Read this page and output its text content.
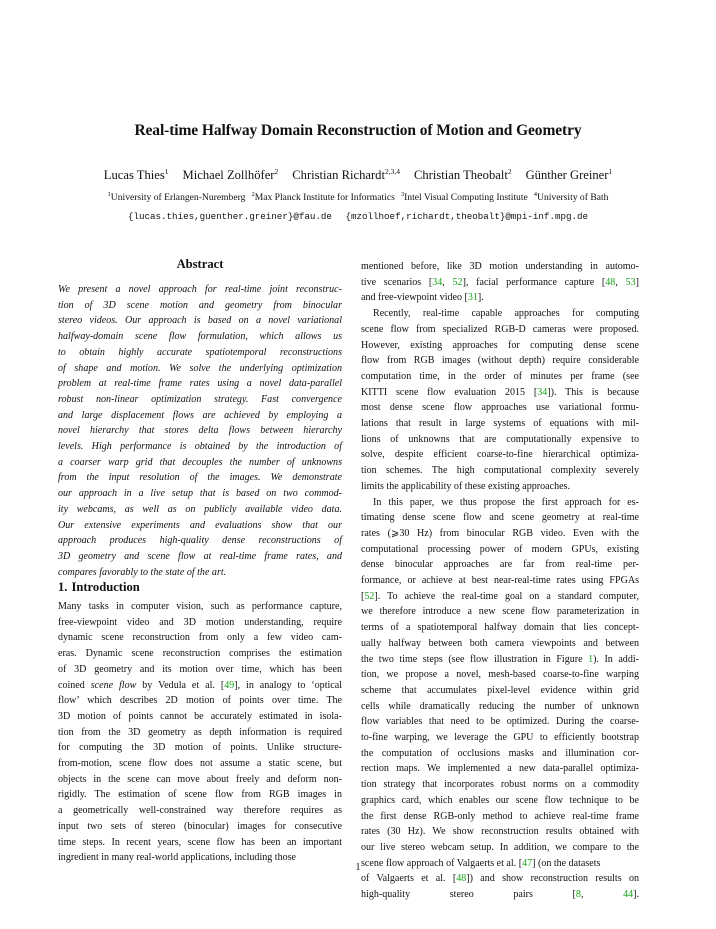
Real-time Halfway Domain Reconstruction of Motion and Geometry
Lucas Thies$^1$ Michael Zollhöfer$^2$ Christian Richardt$^{2,3,4}$ Christian Theobalt$^2$ Günther Greiner$^1$
$^1$University of Erlangen-Nuremberg $^2$Max Planck Institute for Informatics $^3$Intel Visual Computing Institute $^4$University of Bath
{lucas.thies,guenther.greiner}@fau.de {mzollhoef,richardt,theobalt}@mpi-inf.mpg.de
Abstract
We present a novel approach for real-time joint reconstruc-
tion of 3D scene motion and geometry from binocular
stereo videos. Our approach is based on a novel variational
halfway-domain scene flow formulation, which allows us
to obtain highly accurate spatiotemporal reconstructions
of shape and motion. We solve the underlying optimization
problem at real-time frame rates using a novel data-parallel
robust non-linear optimization strategy. Fast convergence
and large displacement flows are achieved by employing a
novel hierarchy that stores delta flows between hierarchy
levels. High performance is obtained by the introduction of
a coarser warp grid that decouples the number of unknowns
from the input resolution of the images. We demonstrate
our approach in a live setup that is based on two commod-
ity webcams, as well as on publicly available video data.
Our extensive experiments and evaluations show that our
approach produces high-quality dense reconstructions of
3D geometry and scene flow at real-time frame rates, and
compares favorably to the state of the art.
1. Introduction
Many tasks in computer vision, such as performance capture,
free-viewpoint video and 3D motion understanding, require
dynamic scene reconstruction from only a few video cam-
eras. Dynamic scene reconstruction comprises the estimation
of 3D geometry and its motion over time, which has been
coined scene flow by Vedula et al. [49], in analogy to ‘optical
flow’ which describes 2D motion of points over time. The
3D motion of points cannot be accurately estimated in isola-
tion from the 3D geometry as depth information is required
for computing the 3D motion of points. Unlike structure-
from-motion, scene flow does not assume a static scene, but
objects in the scene can move about freely and deform non-
rigidly. The estimation of scene flow from RGB images in
a geometrically well-constrained way therefore requires as
input two sets of stereo (binocular) images for consecutive
time steps. In recent years, scene flow has been an important
ingredient in many real-world applications, including those
mentioned before, like 3D motion understanding in automo-
tive scenarios [34, 52], facial performance capture [48, 53]
and free-viewpoint video [31].
Recently, real-time capable approaches for computing
scene flow from specialized RGB-D cameras were proposed.
However, existing approaches for computing dense scene
flow from RGB images (without depth) require considerable
computation time, in the order of minutes per frame (see
KITTI scene flow evaluation 2015 [34]). This is because
most dense scene flow approaches use variational formu-
lations that result in large systems of equations with mil-
lions of unknowns that are computationally expensive to
solve, despite efficient coarse-to-fine hierarchical optimiza-
tion schemes. The high computational complexity severely
limits the applicability of these existing approaches.
In this paper, we thus propose the first approach for es-
timating dense scene flow and scene geometry at real-time
rates (⩾30 Hz) from binocular RGB video. Even with the
computational processing power of modern GPUs, existing
dense binocular approaches are far from real-time per-
formance, or achieve at best near-real-time rates using FPGAs
[52]. To achieve the real-time goal on a standard computer,
we therefore introduce a new scene flow parameterization in
terms of a spatiotemporal halfway domain that lies concept-
ually halfway between both camera viewpoints and between
the two time steps (see flow illustration in Figure 1). In addi-
tion, we propose a novel, mesh-based coarse-to-fine warping
scheme that accumulates pixel-level evidence within grid
cells while dramatically reducing the number of unknown
flow variables that need to be optimized. During the coarse-
to-fine warping, we leverage the GPU to efficiently bootstrap
the computation of occlusions masks and illumination cor-
rection maps. We implemented a new data-parallel optimiza-
tion strategy that incorporates robust norms on a commodity
graphics card, which enables our scene flow technique to be
the first dense RGB-only method to achieve real-time frame
rates (30 Hz). We show reconstruction results obtained with
our live stereo webcam setup. In addition, we compare to the
scene flow approach of Valgaerts et al. [47] (on the datasets
of Valgaerts et al. [48]) and show reconstruction results on
high-quality stereo pairs [8, 44].
1
